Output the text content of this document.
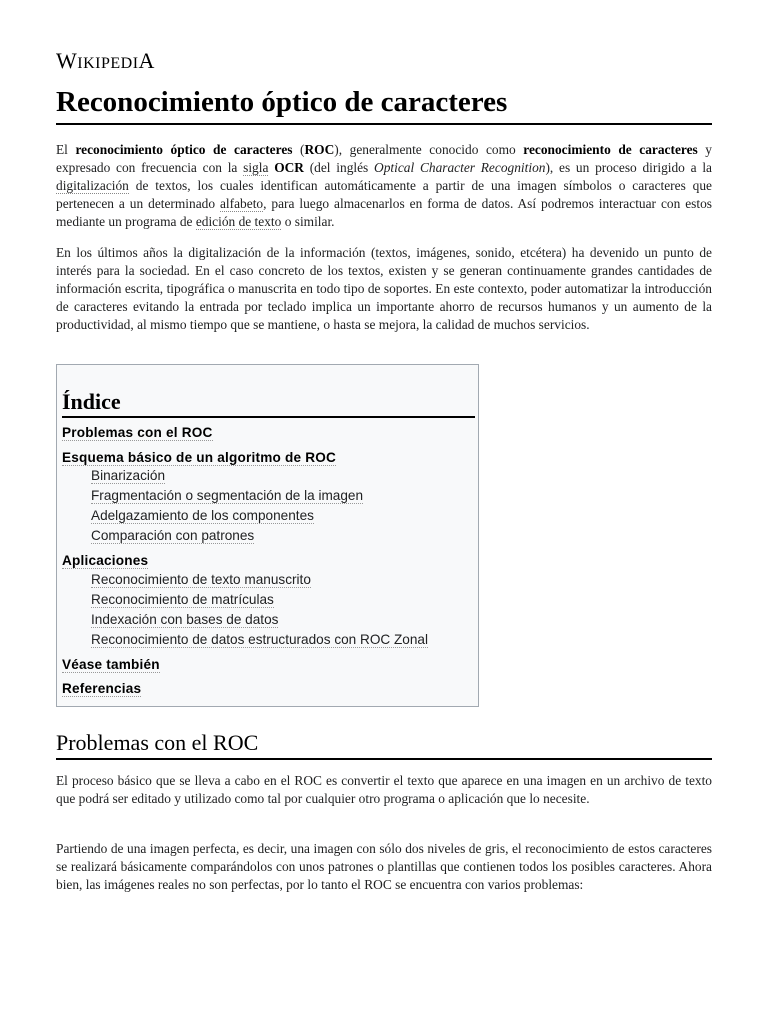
WIKIPEDIA
Reconocimiento óptico de caracteres

El reconocimiento óptico de caracteres (ROC), generalmente conocido como reconocimiento de caracteres y expresado con frecuencia con la sigla OCR (del inglés Optical Character Recognition), es un proceso dirigido a la digitalización de textos, los cuales identifican automáticamente a partir de una imagen símbolos o caracteres que pertenecen a un determinado alfabeto, para luego almacenarlos en forma de datos. Así podremos interactuar con estos mediante un programa de edición de texto o similar.

En los últimos años la digitalización de la información (textos, imágenes, sonido, etcétera) ha devenido un punto de interés para la sociedad. En el caso concreto de los textos, existen y se generan continuamente grandes cantidades de información escrita, tipográfica o manuscrita en todo tipo de soportes. En este contexto, poder automatizar la introducción de caracteres evitando la entrada por teclado implica un importante ahorro de recursos humanos y un aumento de la productividad, al mismo tiempo que se mantiene, o hasta se mejora, la calidad de muchos servicios.

Índice
Problemas con el ROC
Esquema básico de un algoritmo de ROC
Binarización
Fragmentación o segmentación de la imagen
Adelgazamiento de los componentes
Comparación con patrones
Aplicaciones
Reconocimiento de texto manuscrito
Reconocimiento de matrículas
Indexación con bases de datos
Reconocimiento de datos estructurados con ROC Zonal
Véase también
Referencias
Problemas con el ROC

El proceso básico que se lleva a cabo en el ROC es convertir el texto que aparece en una imagen en un archivo de texto que podrá ser editado y utilizado como tal por cualquier otro programa o aplicación que lo necesite.

Partiendo de una imagen perfecta, es decir, una imagen con sólo dos niveles de gris, el reconocimiento de estos caracteres se realizará básicamente comparándolos con unos patrones o plantillas que contienen todos los posibles caracteres. Ahora bien, las imágenes reales no son perfectas, por lo tanto el ROC se encuentra con varios problemas:
